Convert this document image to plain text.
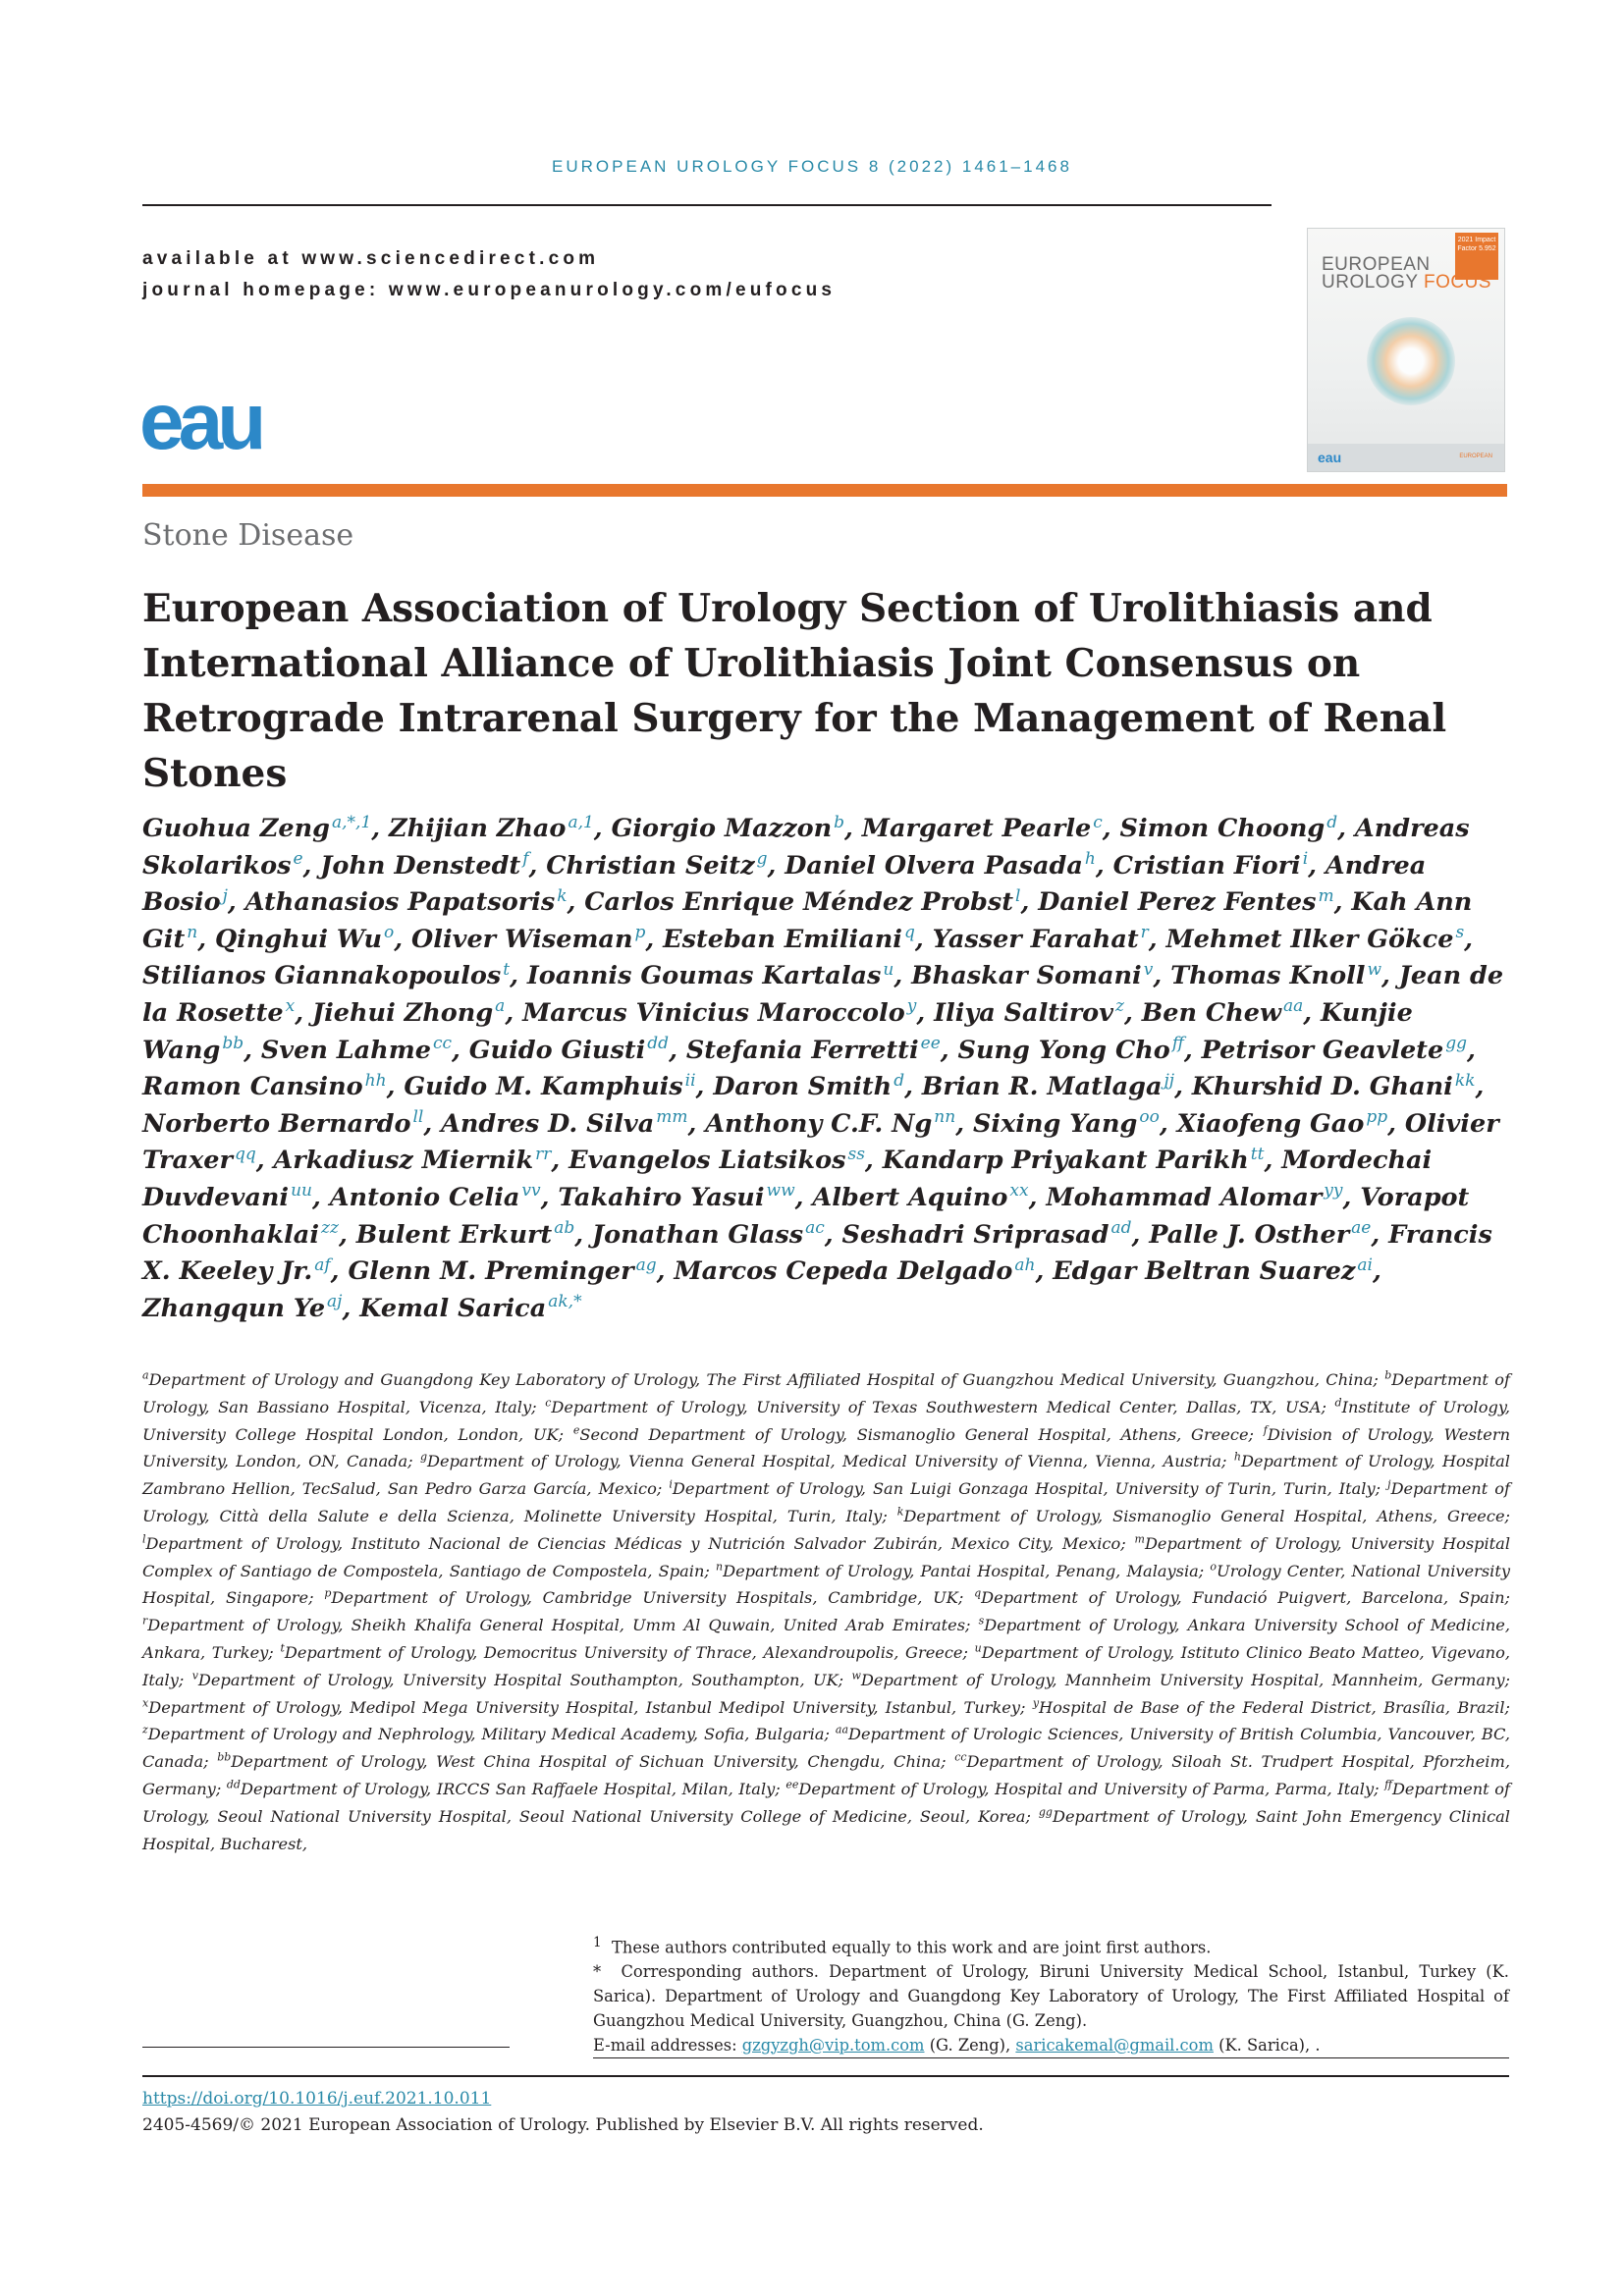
EUROPEAN UROLOGY FOCUS 8 (2022) 1461–1468
available at www.sciencedirect.com
journal homepage: www.europeanurology.com/eufocus
eau
2021 Impact Factor 5.952
EUROPEAN
UROLOGY FOCUS
eau	EUROPEAN
Stone Disease
European Association of Urology Section of Urolithiasis and International Alliance of Urolithiasis Joint Consensus on Retrograde Intrarenal Surgery for the Management of Renal Stones
Guohua Zeng $^{a,*,1}$, Zhijian Zhao $^{a,1}$, Giorgio Mazzon $^b$, Margaret Pearle $^c$, Simon Choong $^d$, Andreas Skolarikos $^e$, John Denstedt $^f$, Christian Seitz $^g$, Daniel Olvera Pasada $^h$, Cristian Fiori $^i$, Andrea Bosio $^j$, Athanasios Papatsoris $^k$, Carlos Enrique Méndez Probst $^l$, Daniel Perez Fentes $^m$, Kah Ann Git $^n$, Qinghui Wu $^o$, Oliver Wiseman $^p$, Esteban Emiliani $^q$, Yasser Farahat $^r$, Mehmet Ilker Gökce $^s$, Stilianos Giannakopoulos $^t$, Ioannis Goumas Kartalas $^u$, Bhaskar Somani $^v$, Thomas Knoll $^w$, Jean de la Rosette $^x$, Jiehui Zhong $^a$, Marcus Vinicius Maroccolo $^y$, Iliya Saltirov $^z$, Ben Chew $^{aa}$, Kunjie Wang $^{bb}$, Sven Lahme $^{cc}$, Guido Giusti $^{dd}$, Stefania Ferretti $^{ee}$, Sung Yong Cho $^{ff}$, Petrisor Geavlete $^{gg}$, Ramon Cansino $^{hh}$, Guido M. Kamphuis $^{ii}$, Daron Smith $^d$, Brian R. Matlaga $^{jj}$, Khurshid D. Ghani $^{kk}$, Norberto Bernardo $^{ll}$, Andres D. Silva $^{mm}$, Anthony C.F. Ng $^{nn}$, Sixing Yang $^{oo}$, Xiaofeng Gao $^{pp}$, Olivier Traxer $^{qq}$, Arkadiusz Miernik $^{rr}$, Evangelos Liatsikos $^{ss}$, Kandarp Priyakant Parikh $^{tt}$, Mordechai Duvdevani $^{uu}$, Antonio Celia $^{vv}$, Takahiro Yasui $^{ww}$, Albert Aquino $^{xx}$, Mohammad Alomar $^{yy}$, Vorapot Choonhaklai $^{zz}$, Bulent Erkurt $^{ab}$, Jonathan Glass $^{ac}$, Seshadri Sriprasad $^{ad}$, Palle J. Osther $^{ae}$, Francis X. Keeley Jr. $^{af}$, Glenn M. Preminger $^{ag}$, Marcos Cepeda Delgado $^{ah}$, Edgar Beltran Suarez $^{ai}$, Zhangqun Ye $^{aj}$, Kemal Sarica $^{ak,*}$
$^a$Department of Urology and Guangdong Key Laboratory of Urology, The First Affiliated Hospital of Guangzhou Medical University, Guangzhou, China; $^b$Department of Urology, San Bassiano Hospital, Vicenza, Italy; $^c$Department of Urology, University of Texas Southwestern Medical Center, Dallas, TX, USA; $^d$Institute of Urology, University College Hospital London, London, UK; $^e$Second Department of Urology, Sismanoglio General Hospital, Athens, Greece; $^f$Division of Urology, Western University, London, ON, Canada; $^g$Department of Urology, Vienna General Hospital, Medical University of Vienna, Vienna, Austria; $^h$Department of Urology, Hospital Zambrano Hellion, TecSalud, San Pedro Garza García, Mexico; $^i$Department of Urology, San Luigi Gonzaga Hospital, University of Turin, Turin, Italy; $^j$Department of Urology, Città della Salute e della Scienza, Molinette University Hospital, Turin, Italy; $^k$Department of Urology, Sismanoglio General Hospital, Athens, Greece; $^l$Department of Urology, Instituto Nacional de Ciencias Médicas y Nutrición Salvador Zubirán, Mexico City, Mexico; $^m$Department of Urology, University Hospital Complex of Santiago de Compostela, Santiago de Compostela, Spain; $^n$Department of Urology, Pantai Hospital, Penang, Malaysia; $^o$Urology Center, National University Hospital, Singapore; $^p$Department of Urology, Cambridge University Hospitals, Cambridge, UK; $^q$Department of Urology, Fundació Puigvert, Barcelona, Spain; $^r$Department of Urology, Sheikh Khalifa General Hospital, Umm Al Quwain, United Arab Emirates; $^s$Department of Urology, Ankara University School of Medicine, Ankara, Turkey; $^t$Department of Urology, Democritus University of Thrace, Alexandroupolis, Greece; $^u$Department of Urology, Istituto Clinico Beato Matteo, Vigevano, Italy; $^v$Department of Urology, University Hospital Southampton, Southampton, UK; $^w$Department of Urology, Mannheim University Hospital, Mannheim, Germany; $^x$Department of Urology, Medipol Mega University Hospital, Istanbul Medipol University, Istanbul, Turkey; $^y$Hospital de Base of the Federal District, Brasília, Brazil; $^z$Department of Urology and Nephrology, Military Medical Academy, Sofia, Bulgaria; $^{aa}$Department of Urologic Sciences, University of British Columbia, Vancouver, BC, Canada; $^{bb}$Department of Urology, West China Hospital of Sichuan University, Chengdu, China; $^{cc}$Department of Urology, Siloah St. Trudpert Hospital, Pforzheim, Germany; $^{dd}$Department of Urology, IRCCS San Raffaele Hospital, Milan, Italy; $^{ee}$Department of Urology, Hospital and University of Parma, Parma, Italy; $^{ff}$Department of Urology, Seoul National University Hospital, Seoul National University College of Medicine, Seoul, Korea; $^{gg}$Department of Urology, Saint John Emergency Clinical Hospital, Bucharest,
$^1$ These authors contributed equally to this work and are joint first authors.
* Corresponding authors. Department of Urology, Biruni University Medical School, Istanbul, Turkey (K. Sarica). Department of Urology and Guangdong Key Laboratory of Urology, The First Affiliated Hospital of Guangzhou Medical University, Guangzhou, China (G. Zeng).
E-mail addresses: gzgyzgh@vip.tom.com (G. Zeng), saricakemal@gmail.com (K. Sarica), .
https://doi.org/10.1016/j.euf.2021.10.011
2405-4569/© 2021 European Association of Urology. Published by Elsevier B.V. All rights reserved.
